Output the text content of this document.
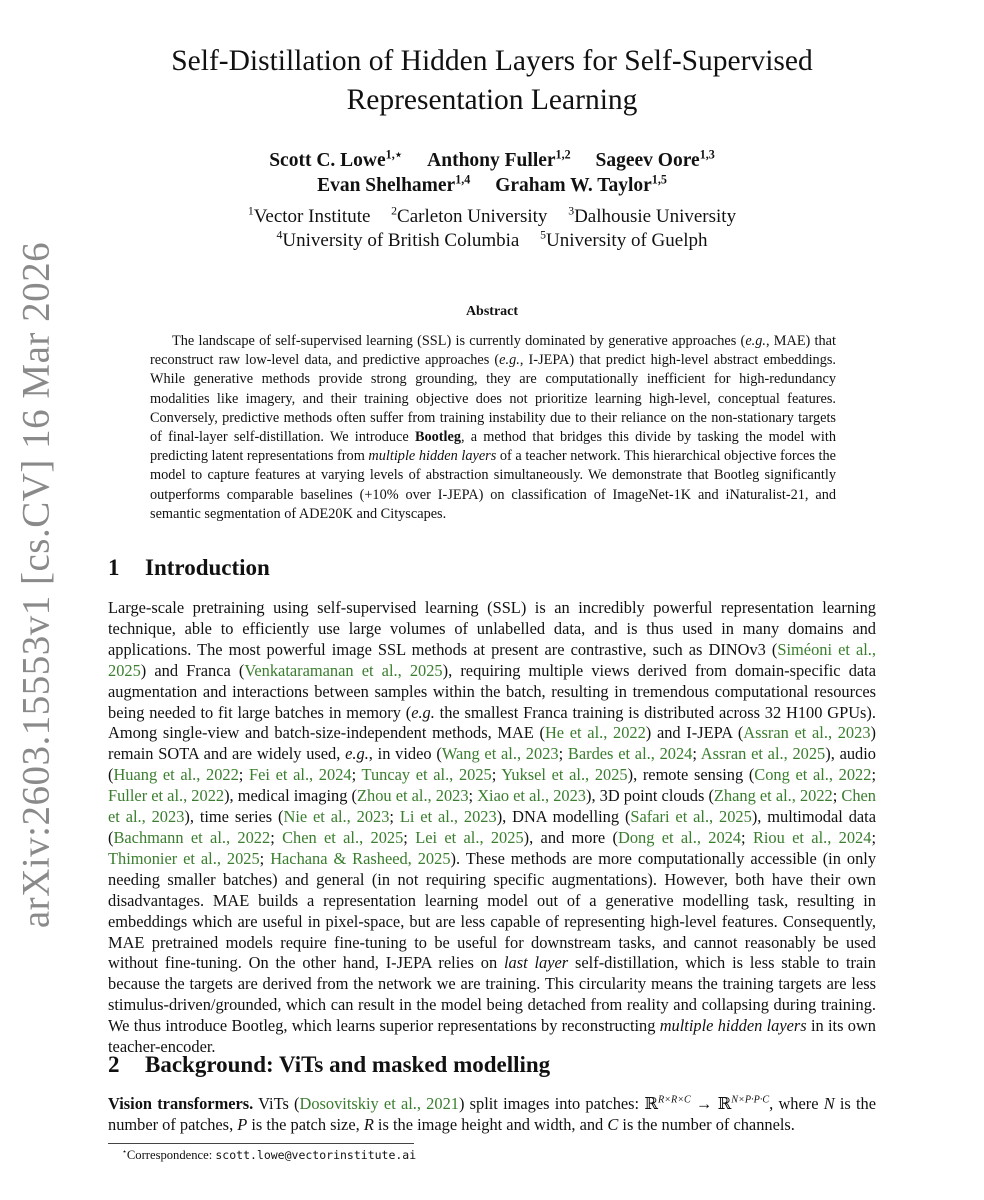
arXiv:2603.15553v1 [cs.CV] 16 Mar 2026
Self-Distillation of Hidden Layers for Self-Supervised
Representation Learning
Scott C. Lowe$^{1,⋆}$ Anthony Fuller$^{1,2}$ Sageev Oore$^{1,3}$
Evan Shelhamer$^{1,4}$ Graham W. Taylor$^{1,5}$
$^1$Vector Institute $^2$Carleton University $^3$Dalhousie University
$^4$University of British Columbia $^5$University of Guelph
Abstract

The landscape of self-supervised learning (SSL) is currently dominated by generative approaches (e.g., MAE) that reconstruct raw low-level data, and predictive approaches (e.g., I-JEPA) that predict high-level abstract embeddings. While generative methods provide strong grounding, they are computationally inefficient for high-redundancy modalities like imagery, and their training objective does not prioritize learning high-level, conceptual features. Conversely, predictive methods often suffer from training instability due to their reliance on the non-stationary targets of final-layer self-distillation. We introduce Bootleg, a method that bridges this divide by tasking the model with predicting latent representations from multiple hidden layers of a teacher network. This hierarchical objective forces the model to capture features at varying levels of abstraction simultaneously. We demonstrate that Bootleg significantly outperforms comparable baselines (+10% over I-JEPA) on classification of ImageNet-1K and iNaturalist-21, and semantic segmentation of ADE20K and Cityscapes.

1 Introduction

Large-scale pretraining using self-supervised learning (SSL) is an incredibly powerful representation learning technique, able to efficiently use large volumes of unlabelled data, and is thus used in many domains and applications. The most powerful image SSL methods at present are contrastive, such as DINOv3 (Siméoni et al., 2025) and Franca (Venkataramanan et al., 2025), requiring multiple views derived from domain-specific data augmentation and interactions between samples within the batch, resulting in tremendous computational resources being needed to fit large batches in memory (e.g. the smallest Franca training is distributed across 32 H100 GPUs). Among single-view and batch-size-independent methods, MAE (He et al., 2022) and I-JEPA (Assran et al., 2023) remain SOTA and are widely used, e.g., in video (Wang et al., 2023; Bardes et al., 2024; Assran et al., 2025), audio (Huang et al., 2022; Fei et al., 2024; Tuncay et al., 2025; Yuksel et al., 2025), remote sensing (Cong et al., 2022; Fuller et al., 2022), medical imaging (Zhou et al., 2023; Xiao et al., 2023), 3D point clouds (Zhang et al., 2022; Chen et al., 2023), time series (Nie et al., 2023; Li et al., 2023), DNA modelling (Safari et al., 2025), multimodal data (Bachmann et al., 2022; Chen et al., 2025; Lei et al., 2025), and more (Dong et al., 2024; Riou et al., 2024; Thimonier et al., 2025; Hachana & Rasheed, 2025). These methods are more computationally accessible (in only needing smaller batches) and general (in not requiring specific augmentations). However, both have their own disadvantages. MAE builds a representation learning model out of a generative modelling task, resulting in embeddings which are useful in pixel-space, but are less capable of representing high-level features. Consequently, MAE pretrained models require fine-tuning to be useful for downstream tasks, and cannot reasonably be used without fine-tuning. On the other hand, I-JEPA relies on last layer self-distillation, which is less stable to train because the targets are derived from the network we are training. This circularity means the training targets are less stimulus-driven/grounded, which can result in the model being detached from reality and collapsing during training. We thus introduce Bootleg, which learns superior representations by reconstructing multiple hidden layers in its own teacher-encoder.

2 Background: ViTs and masked modelling

Vision transformers. ViTs (Dosovitskiy et al., 2021) split images into patches: ℝ$^{R\times R\times C}$ → ℝ$^{N\times P\cdot P\cdot C}$, where N is the number of patches, P is the patch size, R is the image height and width, and C is the number of channels.

⋆Correspondence: scott.lowe@vectorinstitute.ai
